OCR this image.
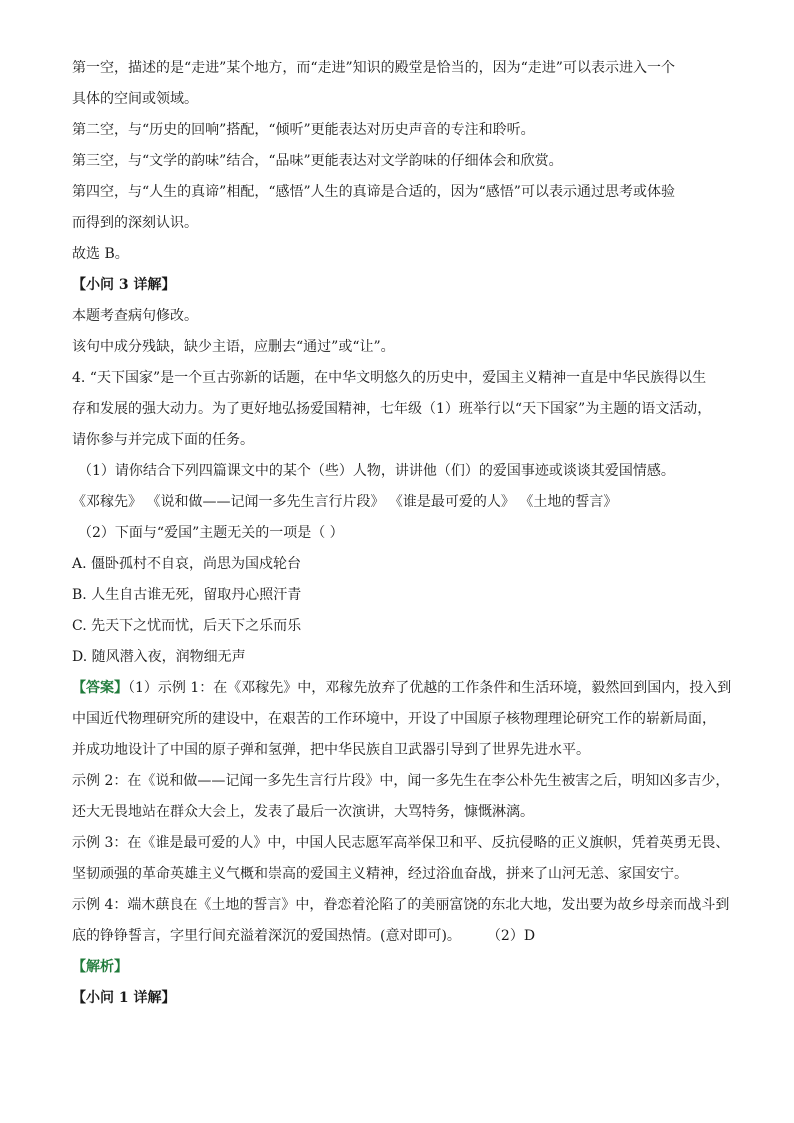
第一空，描述的是“走进”某个地方，而“走进”知识的殿堂是恰当的，因为“走进”可以表示进入一个

具体的空间或领域。

第二空，与“历史的回响”搭配，“倾听”更能表达对历史声音的专注和聆听。

第三空，与“文学的韵味”结合，“品味”更能表达对文学韵味的仔细体会和欣赏。

第四空，与“人生的真谛”相配，“感悟”人生的真谛是合适的，因为“感悟”可以表示通过思考或体验

而得到的深刻认识。

故选 B。

【小问 3 详解】

本题考查病句修改。

该句中成分残缺，缺少主语，应删去“通过”或“让”。

4. “天下国家”是一个亘古弥新的话题，在中华文明悠久的历史中，爱国主义精神一直是中华民族得以生

存和发展的强大动力。为了更好地弘扬爱国精神，七年级（1）班举行以“天下国家”为主题的语文活动，

请你参与并完成下面的任务。

（1）请你结合下列四篇课文中的某个（些）人物，讲讲他（们）的爱国事迹或谈谈其爱国情感。

《邓稼先》 《说和做——记闻一多先生言行片段》 《谁是最可爱的人》 《土地的誓言》

（2）下面与“爱国”主题无关的一项是（ ）

A. 僵卧孤村不自哀，尚思为国戍轮台

B. 人生自古谁无死，留取丹心照汗青

C. 先天下之忧而忧，后天下之乐而乐

D. 随风潜入夜，润物细无声

【答案】（1）示例 1：在《邓稼先》中，邓稼先放弃了优越的工作条件和生活环境，毅然回到国内，投入到

中国近代物理研究所的建设中，在艰苦的工作环境中，开设了中国原子核物理理论研究工作的崭新局面，

并成功地设计了中国的原子弹和氢弹，把中华民族自卫武器引导到了世界先进水平。

示例 2：在《说和做——记闻一多先生言行片段》中，闻一多先生在李公朴先生被害之后，明知凶多吉少，

还大无畏地站在群众大会上，发表了最后一次演讲，大骂特务，慷慨淋漓。

示例 3：在《谁是最可爱的人》中，中国人民志愿军高举保卫和平、反抗侵略的正义旗帜，凭着英勇无畏、

坚韧顽强的革命英雄主义气概和崇高的爱国主义精神，经过浴血奋战，拼来了山河无恙、家国安宁。

示例 4：端木蕻良在《土地的誓言》中，眷恋着沦陷了的美丽富饶的东北大地，发出要为故乡母亲而战斗到

底的铮铮誓言，字里行间充溢着深沉的爱国热情。(意对即可)。 （2）D

【解析】

【小问 1 详解】
